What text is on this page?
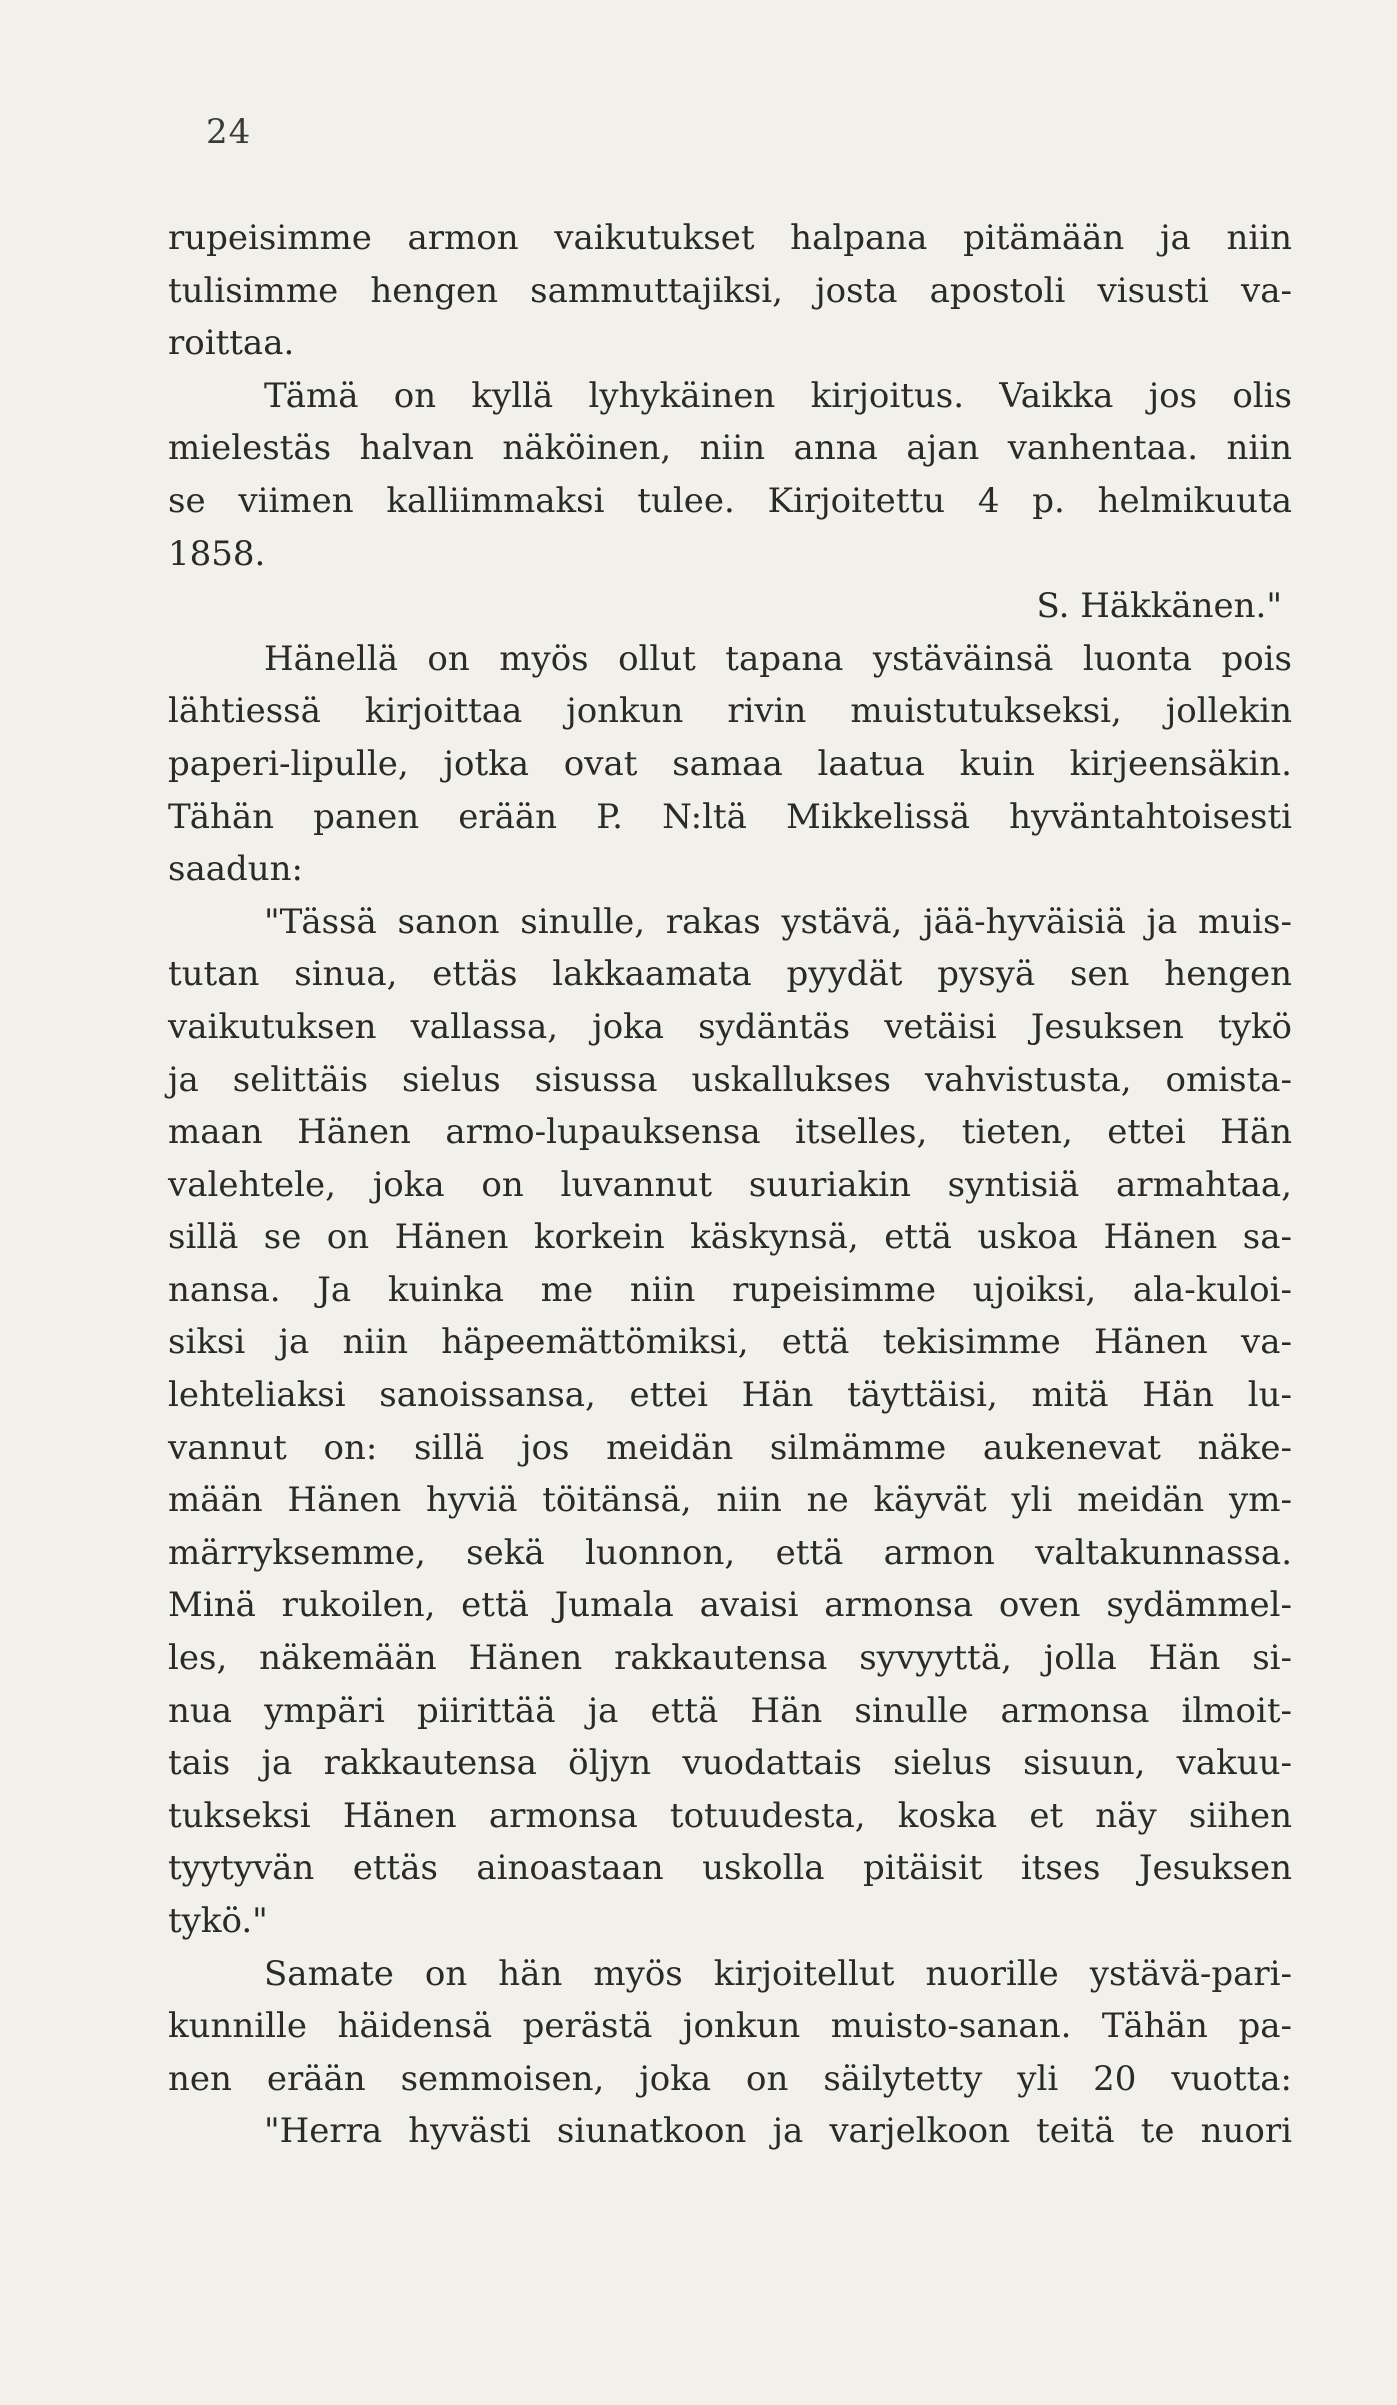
24
rupeisimme armon vaikutukset halpana pitämään ja niin
tulisimme hengen sammuttajiksi, josta apostoli visusti va-
roittaa.
Tämä on kyllä lyhykäinen kirjoitus. Vaikka jos olis
mielestäs halvan näköinen, niin anna ajan vanhentaa. niin
se viimen kalliimmaksi tulee. Kirjoitettu 4 p. helmikuuta
1858.
S. Häkkänen."
Hänellä on myös ollut tapana ystäväinsä luonta pois
lähtiessä kirjoittaa jonkun rivin muistutukseksi, jollekin
paperi-lipulle, jotka ovat samaa laatua kuin kirjeensäkin.
Tähän panen erään P. N:ltä Mikkelissä hyväntahtoisesti
saadun:
"Tässä sanon sinulle, rakas ystävä, jää-hyväisiä ja muis-
tutan sinua, ettäs lakkaamata pyydät pysyä sen hengen
vaikutuksen vallassa, joka sydäntäs vetäisi Jesuksen tykö
ja selittäis sielus sisussa uskallukses vahvistusta, omista-
maan Hänen armo-lupauksensa itselles, tieten, ettei Hän
valehtele, joka on luvannut suuriakin syntisiä armahtaa,
sillä se on Hänen korkein käskynsä, että uskoa Hänen sa-
nansa. Ja kuinka me niin rupeisimme ujoiksi, ala-kuloi-
siksi ja niin häpeemättömiksi, että tekisimme Hänen va-
lehteliaksi sanoissansa, ettei Hän täyttäisi, mitä Hän lu-
vannut on: sillä jos meidän silmämme aukenevat näke-
mään Hänen hyviä töitänsä, niin ne käyvät yli meidän ym-
märryksemme, sekä luonnon, että armon valtakunnassa.
Minä rukoilen, että Jumala avaisi armonsa oven sydämmel-
les, näkemään Hänen rakkautensa syvyyttä, jolla Hän si-
nua ympäri piirittää ja että Hän sinulle armonsa ilmoit-
tais ja rakkautensa öljyn vuodattais sielus sisuun, vakuu-
tukseksi Hänen armonsa totuudesta, koska et näy siihen
tyytyvän ettäs ainoastaan uskolla pitäisit itses Jesuksen
tykö."
Samate on hän myös kirjoitellut nuorille ystävä-pari-
kunnille häidensä perästä jonkun muisto-sanan. Tähän pa-
nen erään semmoisen, joka on säilytetty yli 20 vuotta:
"Herra hyvästi siunatkoon ja varjelkoon teitä te nuori
